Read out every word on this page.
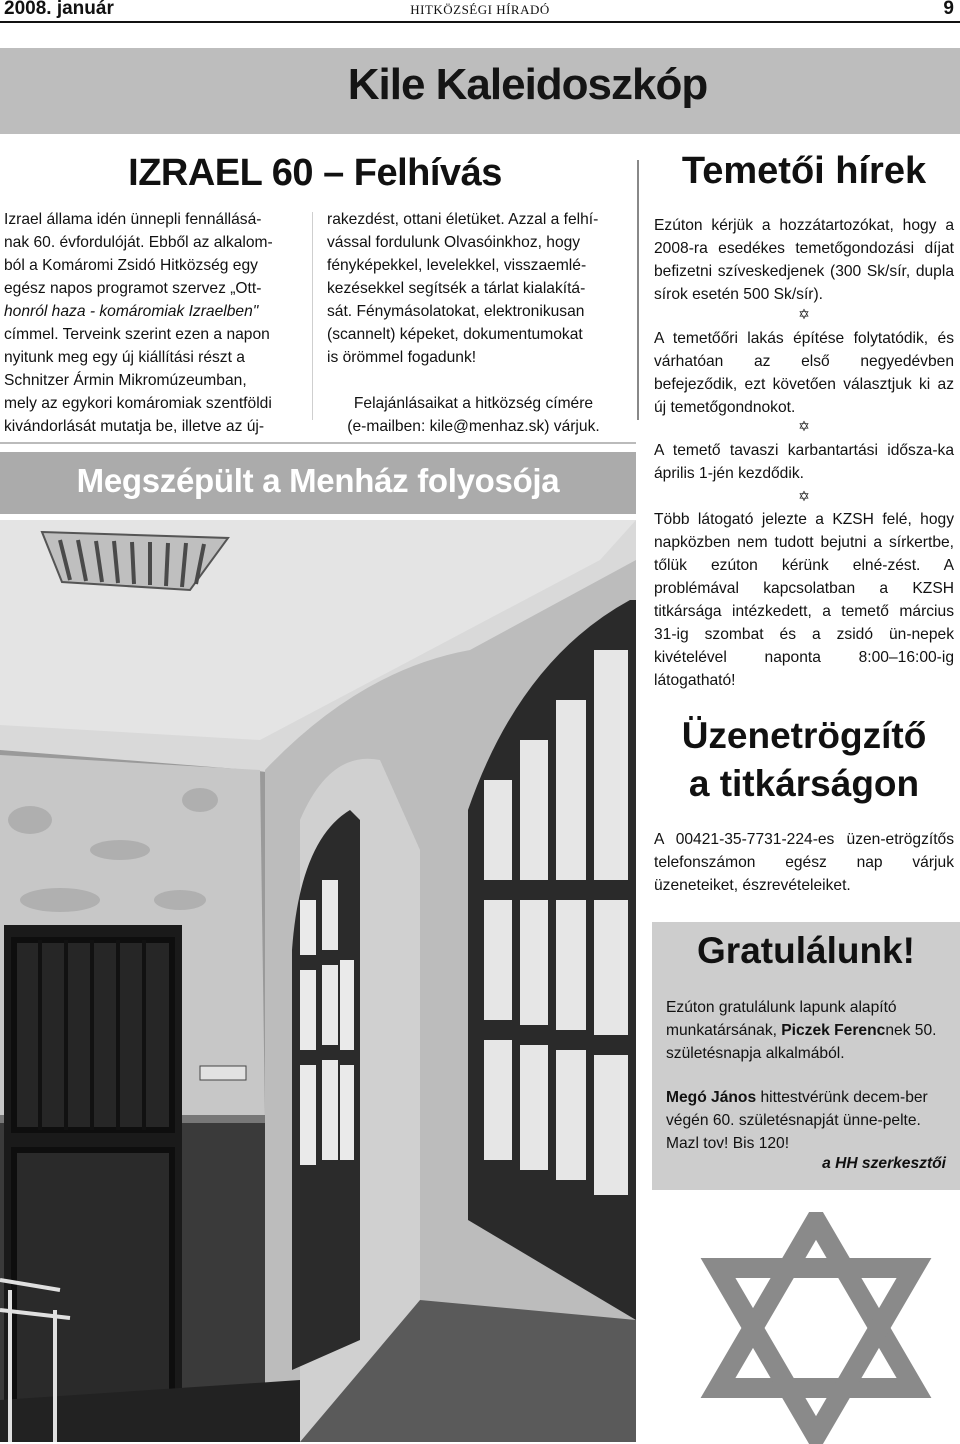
2008. január	HITKÖZSÉGI HÍRADÓ	9
Kile Kaleidoszkóp
IZRAEL 60 – Felhívás
Izrael állama idén ünnepli fennállásá-
nak 60. évfordulóját. Ebből az alkalom-
ból a Komáromi Zsidó Hitközség egy
egész napos programot szervez „Ott-
honról haza - komáromiak Izraelben"
címmel. Terveink szerint ezen a napon
nyitunk meg egy új kiállítási részt a
Schnitzer Ármin Mikromúzeumban,
mely az egykori komáromiak szentföldi
kivándorlását mutatja be, illetve az új-
rakezdést, ottani életüket. Azzal a felhí-
vással fordulunk Olvasóinkhoz, hogy
fényképekkel, levelekkel, visszaemlé-
kezésekkel segítsék a tárlat kialakítá-
sát. Fénymásolatokat, elektronikusan
(scannelt) képeket, dokumentumokat
is örömmel fogadunk!
Felajánlásaikat a hitközség címére
(e-mailben: kile@menhaz.sk) várjuk.
Megszépült a Menház folyosója
Temetői hírek
Ezúton kérjük a hozzátartozókat, hogy a 2008-ra esedékes temetőgondozási díjat befizetni szíveskedjenek (300 Sk/sír, dupla sírok esetén 500 Sk/sír).
✡
A temetőőri lakás építése folytatódik, és várhatóan az első negyedévben befejeződik, ezt követően választjuk ki az új temetőgondnokot.
✡
A temető tavaszi karbantartási idősza-ka április 1-jén kezdődik.
✡
Több látogató jelezte a KZSH felé, hogy napközben nem tudott bejutni a sírkertbe, tőlük ezúton kérünk elné-zést. A problémával kapcsolatban a KZSH titkársága intézkedett, a temető március 31-ig szombat és a zsidó ün-nepek kivételével naponta 8:00–16:00-ig látogatható!
Üzenetrögzítő
a titkárságon
A 00421-35-7731-224-es üzen-etrögzítős telefonszámon egész nap várjuk üzeneteiket, észrevételeiket.
Gratulálunk!
Ezúton gratulálunk lapunk alapító munkatársának, Piczek Ferencnek 50. születésnapja alkalmából.
Megó János hittestvérünk decem-ber végén 60. születésnapját ünne-pelte. Mazl tov! Bis 120!
a HH szerkesztői
